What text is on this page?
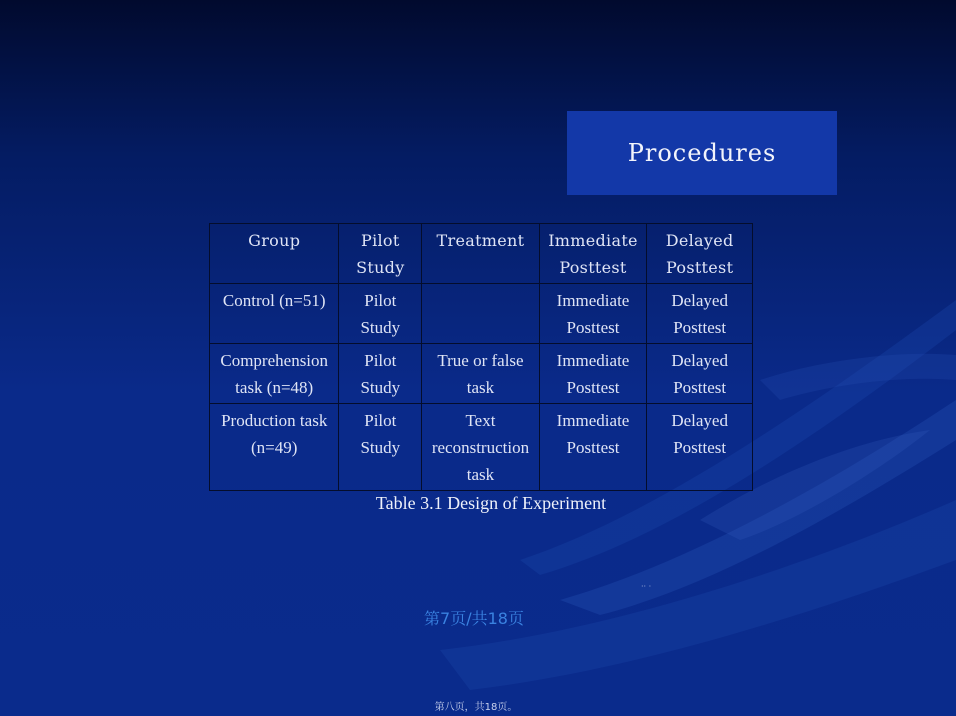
Procedures
Group	Pilot Study	Treatment	Immediate Posttest	Delayed Posttest
Control (n=51)	Pilot Study		Immediate Posttest	Delayed Posttest
Comprehension task (n=48)	Pilot Study	True or false task	Immediate Posttest	Delayed Posttest
Production task (n=49)	Pilot Study	Text reconstruction task	Immediate Posttest	Delayed Posttest
Table 3.1 Design of Experiment
·· ·
第7页/共18页
第八页，共18页。
